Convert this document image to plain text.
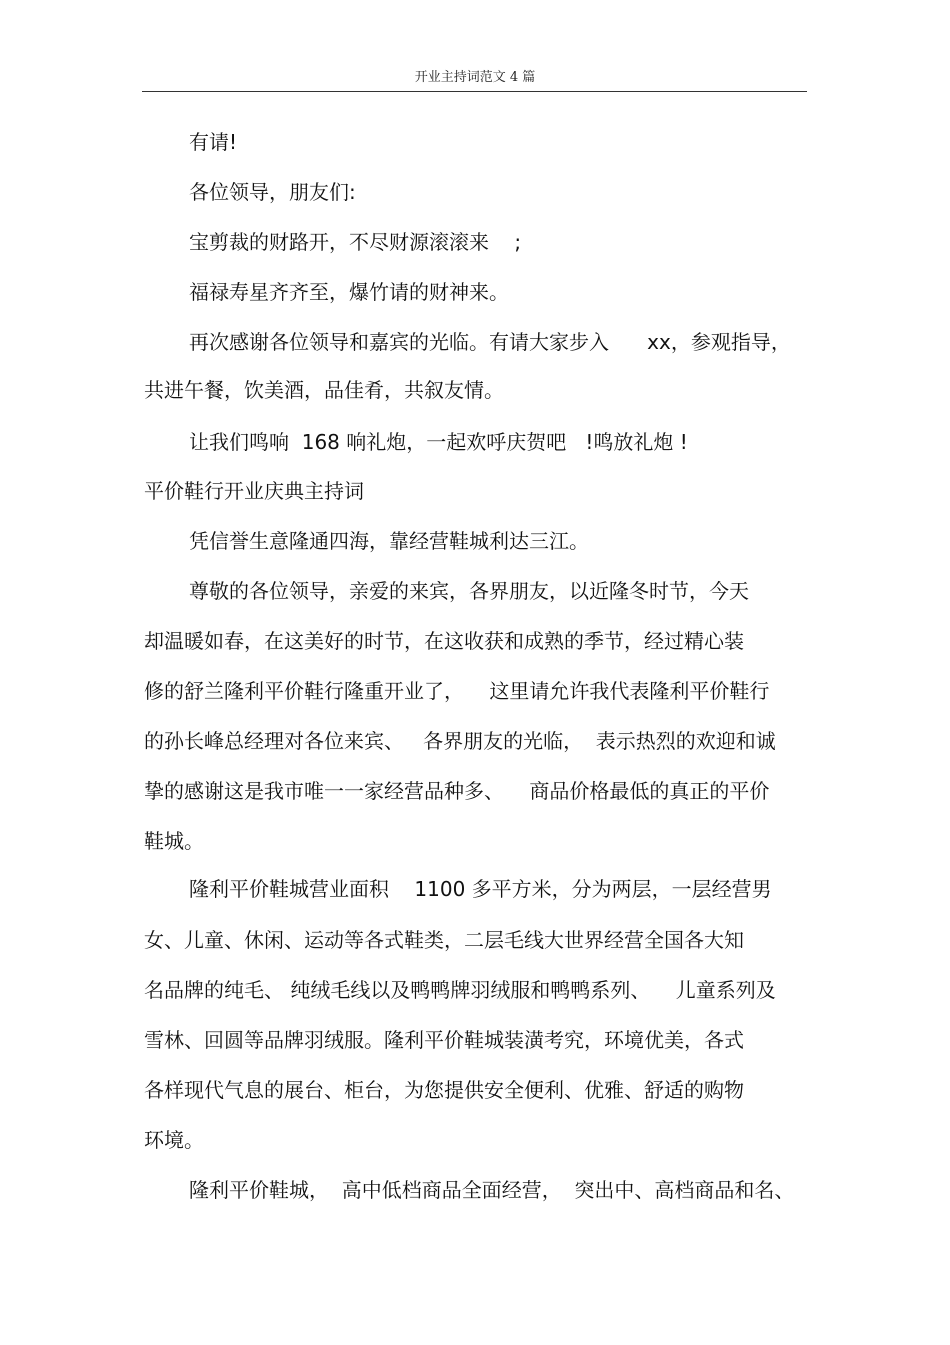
开业主持词范文 4 篇
有请!
各位领导，朋友们:
宝剪裁的财路开，不尽财源滚滚来    ;
福禄寿星齐齐至，爆竹请的财神来。
再次感谢各位领导和嘉宾的光临。有请大家步入      xx，参观指导，
共进午餐，饮美酒，品佳肴，共叙友情。
让我们鸣响  168 响礼炮，一起欢呼庆贺吧   !鸣放礼炮 !
平价鞋行开业庆典主持词
凭信誉生意隆通四海，靠经营鞋城利达三江。
尊敬的各位领导，亲爱的来宾，各界朋友，以近隆冬时节，今天
却温暖如春，在这美好的时节，在这收获和成熟的季节，经过精心装
修的舒兰隆利平价鞋行隆重开业了，    这里请允许我代表隆利平价鞋行
的孙长峰总经理对各位来宾、   各界朋友的光临，  表示热烈的欢迎和诚
挚的感谢这是我市唯一一家经营品种多、    商品价格最低的真正的平价
鞋城。
隆利平价鞋城营业面积    1100 多平方米，分为两层，一层经营男
女、儿童、休闲、运动等各式鞋类，二层毛线大世界经营全国各大知
名品牌的纯毛、 纯绒毛线以及鸭鸭牌羽绒服和鸭鸭系列、    儿童系列及
雪林、回圆等品牌羽绒服。隆利平价鞋城装潢考究，环境优美，各式
各样现代气息的展台、柜台，为您提供安全便利、优雅、舒适的购物
环境。
隆利平价鞋城，  高中低档商品全面经营，  突出中、高档商品和名、
